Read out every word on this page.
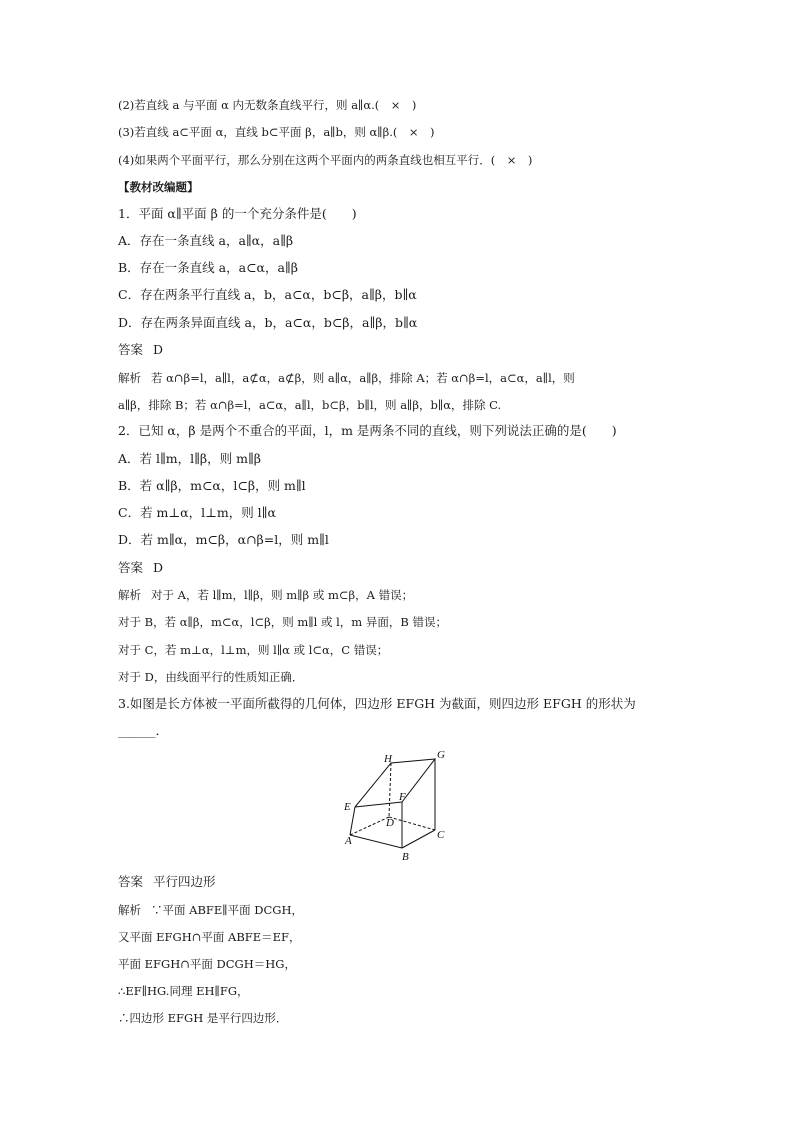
(2)若直线 a 与平面 α 内无数条直线平行，则 a∥α.(　×　)
(3)若直线 a⊂平面 α，直线 b⊂平面 β，a∥b，则 α∥β.(　×　)
(4)如果两个平面平行，那么分别在这两个平面内的两条直线也相互平行．(　×　)
【教材改编题】
1．平面 α∥平面 β 的一个充分条件是(　　)
A．存在一条直线 a，a∥α，a∥β
B．存在一条直线 a，a⊂α，a∥β
C．存在两条平行直线 a，b，a⊂α，b⊂β，a∥β，b∥α
D．存在两条异面直线 a，b，a⊂α，b⊂β，a∥β，b∥α
答案 D
解析 若 α∩β=l，a∥l，a⊄α，a⊄β，则 a∥α，a∥β，排除 A；若 α∩β=l，a⊂α，a∥l，则
a∥β，排除 B；若 α∩β=l，a⊂α，a∥l，b⊂β，b∥l，则 a∥β，b∥α，排除 C.
2．已知 α，β 是两个不重合的平面，l，m 是两条不同的直线，则下列说法正确的是(　　)
A．若 l∥m，l∥β，则 m∥β
B．若 α∥β，m⊂α，l⊂β，则 m∥l
C．若 m⊥α，l⊥m，则 l∥α
D．若 m∥α，m⊂β，α∩β=l，则 m∥l
答案 D
解析 对于 A，若 l∥m，l∥β，则 m∥β 或 m⊂β，A 错误；
对于 B，若 α∥β，m⊂α，l⊂β，则 m∥l 或 l，m 异面，B 错误；
对于 C，若 m⊥α，l⊥m，则 l∥α 或 l⊂α，C 错误；
对于 D，由线面平行的性质知正确．
3.如图是长方体被一平面所截得的几何体，四边形 EFGH 为截面，则四边形 EFGH 的形状为
______．
H	G
E
F
D
A	C
B
答案 平行四边形
解析 ∵平面 ABFE∥平面 DCGH，
又平面 EFGH∩平面 ABFE＝EF，
平面 EFGH∩平面 DCGH＝HG，
∴EF∥HG.同理 EH∥FG，
∴四边形 EFGH 是平行四边形．
